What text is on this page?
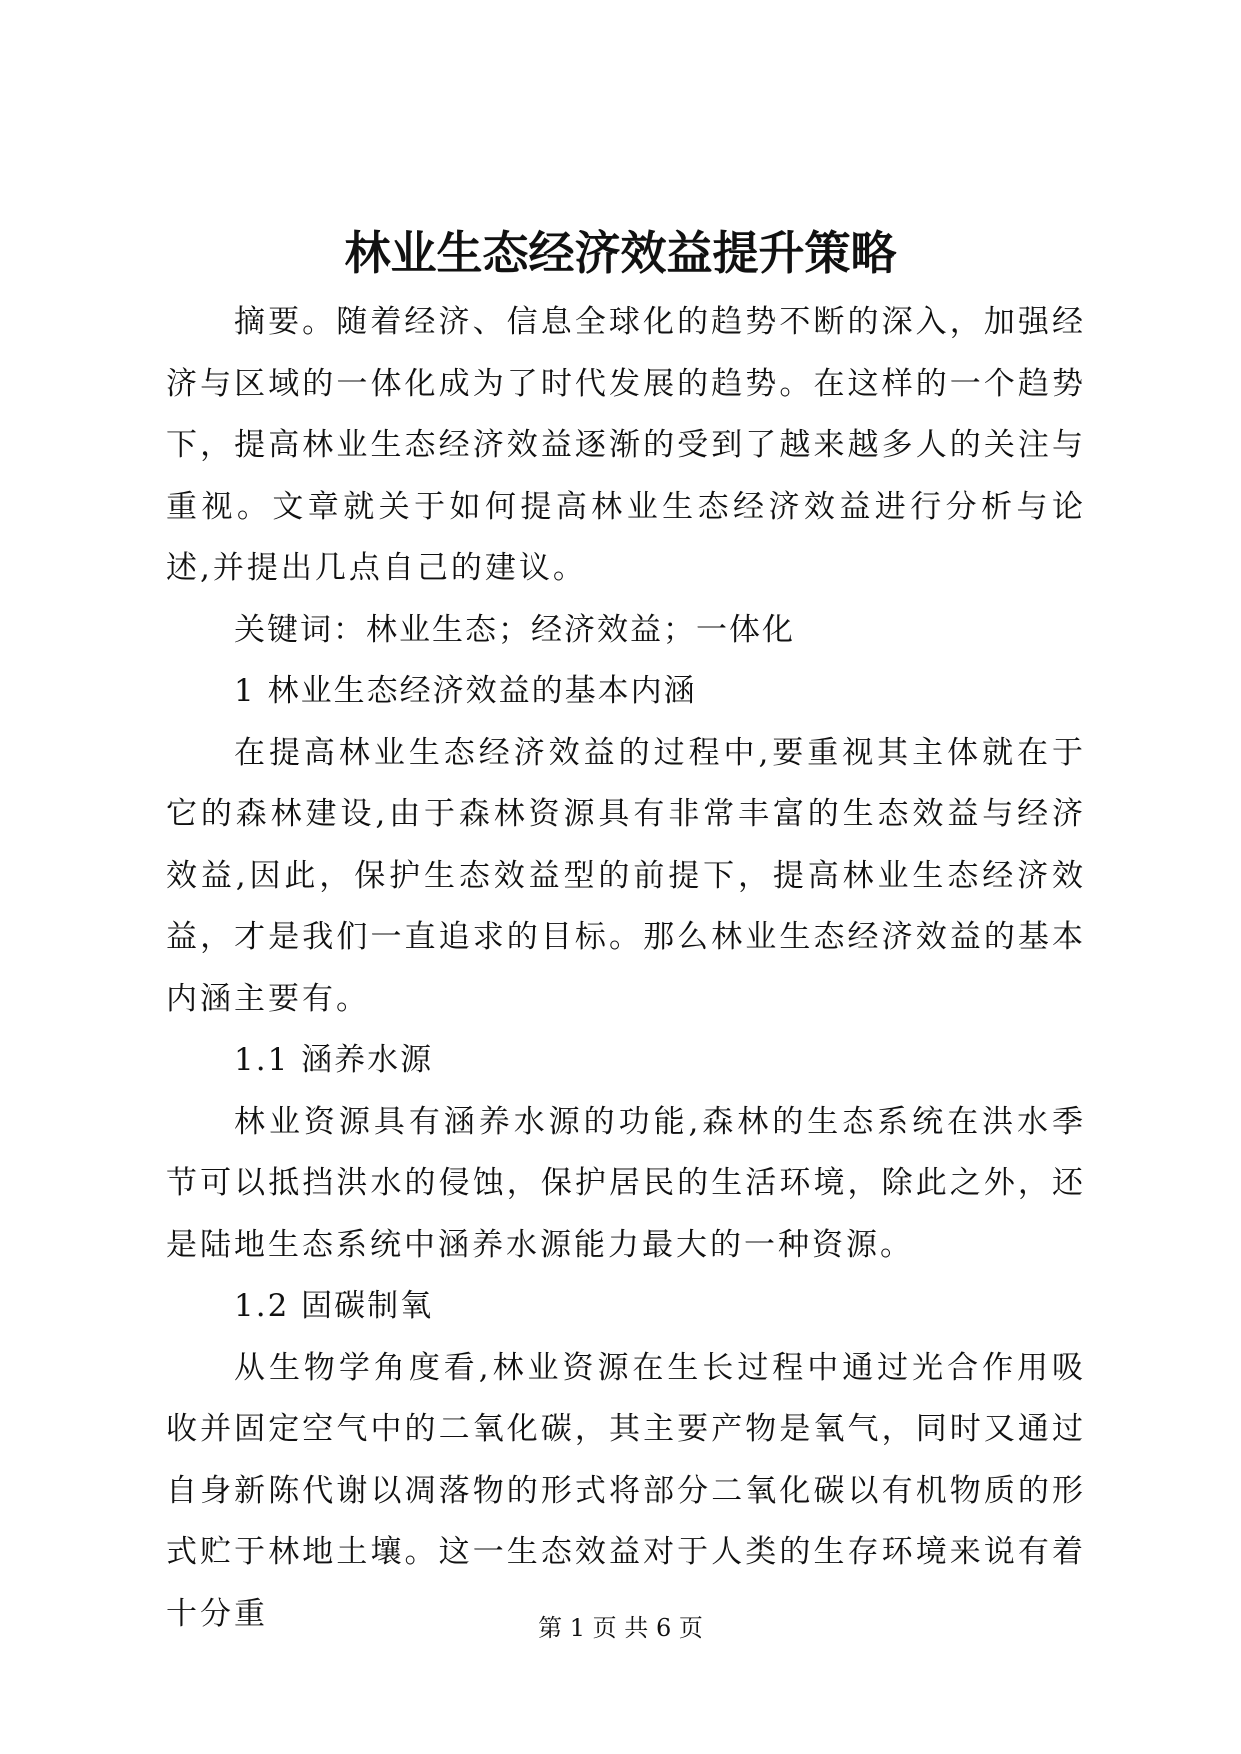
林业生态经济效益提升策略

摘要。随着经济、信息全球化的趋势不断的深入，加强经济与区域的一体化成为了时代发展的趋势。在这样的一个趋势下，提高林业生态经济效益逐渐的受到了越来越多人的关注与重视。文章就关于如何提高林业生态经济效益进行分析与论述,并提出几点自己的建议。

关键词：林业生态；经济效益；一体化

1 林业生态经济效益的基本内涵

在提高林业生态经济效益的过程中,要重视其主体就在于它的森林建设,由于森林资源具有非常丰富的生态效益与经济效益,因此，保护生态效益型的前提下，提高林业生态经济效益，才是我们一直追求的目标。那么林业生态经济效益的基本内涵主要有。

1.1 涵养水源

林业资源具有涵养水源的功能,森林的生态系统在洪水季节可以抵挡洪水的侵蚀，保护居民的生活环境，除此之外，还是陆地生态系统中涵养水源能力最大的一种资源。

1.2 固碳制氧

从生物学角度看,林业资源在生长过程中通过光合作用吸收并固定空气中的二氧化碳，其主要产物是氧气，同时又通过自身新陈代谢以凋落物的形式将部分二氧化碳以有机物质的形式贮于林地土壤。这一生态效益对于人类的生存环境来说有着十分重	第 1 页 共 6 页
